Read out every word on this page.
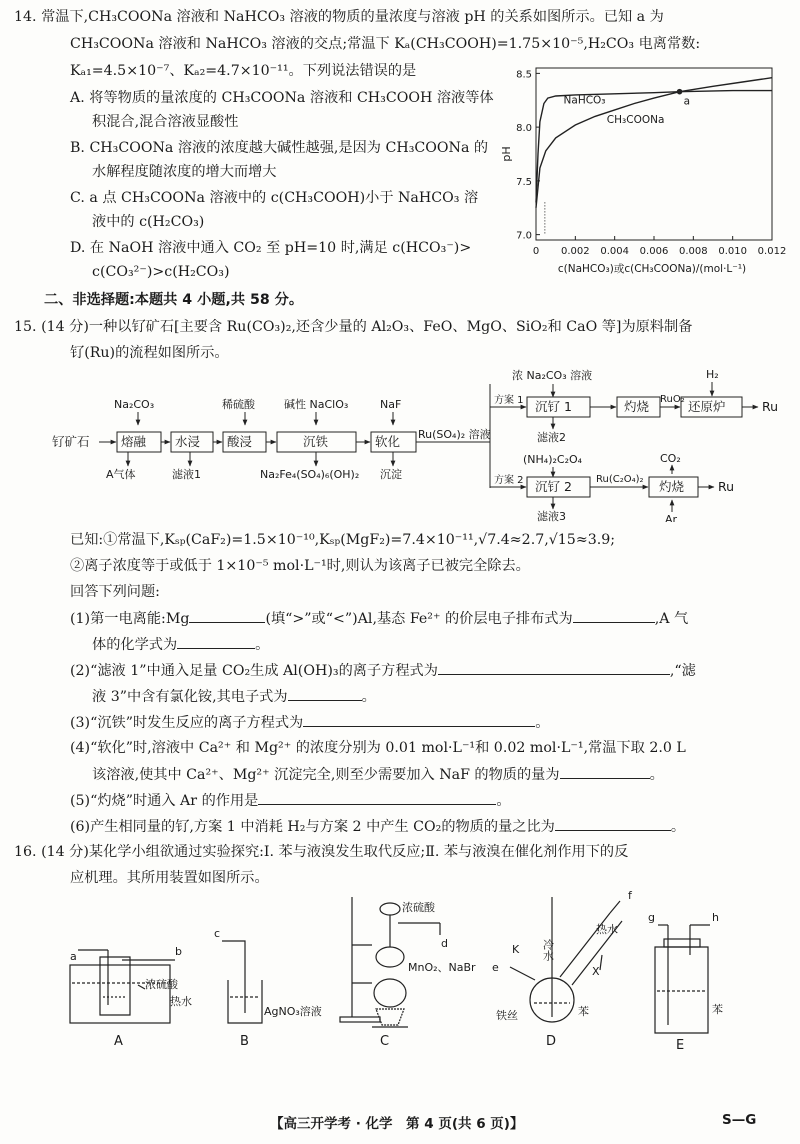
14. 常温下,CH₃COONa 溶液和 NaHCO₃ 溶液的物质的量浓度与溶液 pH 的关系如图所示。已知 a 为
CH₃COONa 溶液和 NaHCO₃ 溶液的交点;常温下 Kₐ(CH₃COOH)=1.75×10⁻⁵,H₂CO₃ 电离常数:
Kₐ₁=4.5×10⁻⁷、Kₐ₂=4.7×10⁻¹¹。下列说法错误的是
A. 将等物质的量浓度的 CH₃COONa 溶液和 CH₃COOH 溶液等体
积混合,混合溶液显酸性
B. CH₃COONa 溶液的浓度越大碱性越强,是因为 CH₃COONa 的
水解程度随浓度的增大而增大
C. a 点 CH₃COONa 溶液中的 c(CH₃COOH)小于 NaHCO₃ 溶
液中的 c(H₂CO₃)
D. 在 NaOH 溶液中通入 CO₂ 至 pH=10 时,满足 c(HCO₃⁻)>
c(CO₃²⁻)>c(H₂CO₃)
0 0.002 0.004 0.006 0.008 0.010 0.012
7.0
7.5
8.0
8.5
pH
c(NaHCO₃)或c(CH₃COONa)/(mol·L⁻¹)
NaHCO₃
CH₃COONa
a
二、非选择题:本题共 4 小题,共 58 分。
15. (14 分)一种以钌矿石[主要含 Ru(CO₃)₂,还含少量的 Al₂O₃、FeO、MgO、SiO₂和 CaO 等]为原料制备
钌(Ru)的流程如图所示。
钌矿石	熔融 水浸 酸浸	沉铁	软化
Na₂CO₃	稀硫酸	碱性 NaClO₃	NaF
A气体	滤液1	Na₂Fe₄(SO₄)₆(OH)₂ 沉淀
Ru(SO₄)₂ 溶液
方案 1
浓 Na₂CO₃ 溶液
沉钌 1	灼烧	还原炉
RuO₂
H₂
滤液2
Ru
方案 2
(NH₄)₂C₂O₄
沉钌 2	灼烧
Ru(C₂O₄)₂
CO₂
Ar
滤液3
Ru
已知:①常温下,Kₛₚ(CaF₂)=1.5×10⁻¹⁰,Kₛₚ(MgF₂)=7.4×10⁻¹¹,√7.4≈2.7,√15≈3.9;
②离子浓度等于或低于 1×10⁻⁵ mol·L⁻¹时,则认为该离子已被完全除去。
回答下列问题:
(1)第一电离能:Mg	(填“>”或“<”)Al,基态 Fe²⁺ 的价层电子排布式为	,A 气
体的化学式为	。
(2)“滤液 1”中通入足量 CO₂生成 Al(OH)₃的离子方程式为	,“滤
液 3”中含有氯化铵,其电子式为	。
(3)“沉铁”时发生反应的离子方程式为	。
(4)“软化”时,溶液中 Ca²⁺ 和 Mg²⁺ 的浓度分别为 0.01 mol·L⁻¹和 0.02 mol·L⁻¹,常温下取 2.0 L
该溶液,使其中 Ca²⁺、Mg²⁺ 沉淀完全,则至少需要加入 NaF 的物质的量为	。
(5)“灼烧”时通入 Ar 的作用是	。
(6)产生相同量的钌,方案 1 中消耗 H₂与方案 2 中产生 CO₂的物质的量之比为	。
16. (14 分)某化学小组欲通过实验探究:Ⅰ. 苯与液溴发生取代反应;Ⅱ. 苯与液溴在催化剂作用下的反
应机理。其所用装置如图所示。
a	b
浓硫酸
热水
A
c
AgNO₃溶液
B
浓硫酸
d
MnO₂、NaBr
C
e
f
K
X
冷水
热水
铁丝	苯
D
g	h
苯
E
【高三开学考 · 化学　第 4 页(共 6 页)】	S—G
